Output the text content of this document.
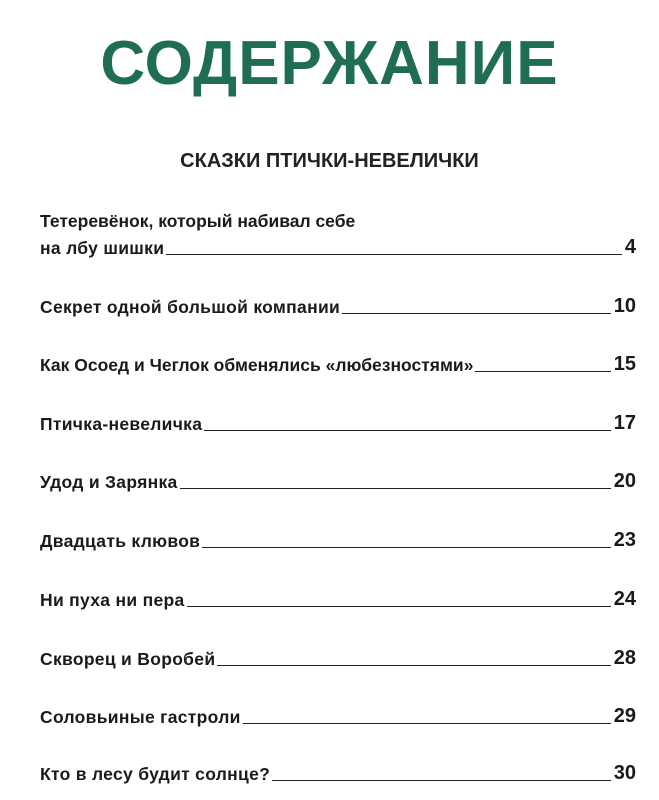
СОДЕРЖАНИЕ
СКАЗКИ ПТИЧКИ-НЕВЕЛИЧКИ
Тетеревёнок, который набивал себе
на лбу шишки	4
Секрет одной большой компании	10
Как Осоед и Чеглок обменялись «любезностями»	15
Птичка-невеличка	17
Удод и Зарянка	20
Двадцать клювов	23
Ни пуха ни пера	24
Скворец и Воробей	28
Соловьиные гастроли	29
Кто в лесу будит солнце?	30
